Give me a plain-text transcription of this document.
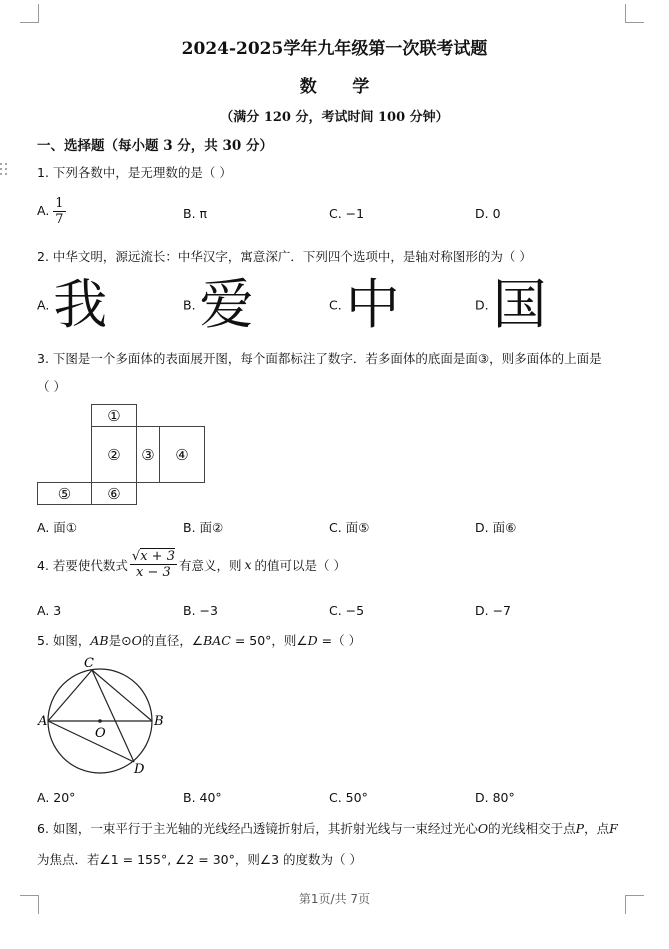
2024-2025学年九年级第一次联考试题
数      学
（满分 120 分，考试时间 100 分钟）
一、选择题（每小题 3 分，共 30 分）
1. 下列各数中，是无理数的是（ ）
A. $\frac{1}{7}$	B. π	C. −1	D. 0
2. 中华文明，源远流长：中华汉字，寓意深广．下列四个选项中，是轴对称图形的为（ ）
A. 我	B. 爱	C. 中	D. 国
3. 下图是一个多面体的表面展开图，每个面都标注了数字．若多面体的底面是面③，则多面体的上面是
（ ）
①
②	③	④
⑤	⑥
A. 面①	B. 面②	C. 面⑤	D. 面⑥
4. 若要使代数式 $\frac{√x + 3}{x - 3}$ 有意义，则 x 的值可以是（ ）
A. 3	B. −3	C. −5	D. −7
5. 如图，AB是⊙O的直径，∠BAC = 50°，则∠D =（ ）
A	B
C
D
O
A. 20°	B. 40°	C. 50°	D. 80°
6. 如图，一束平行于主光轴的光线经凸透镜折射后，其折射光线与一束经过光心O的光线相交于点P，点F
为焦点．若∠1 = 155°, ∠2 = 30°，则∠3 的度数为（ ）
第1页/共 7页
